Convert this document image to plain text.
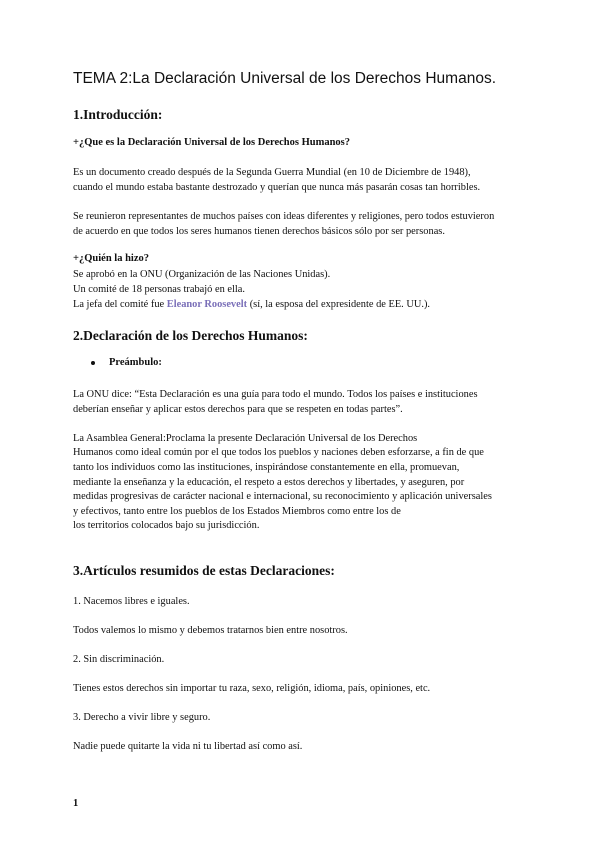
TEMA 2:La Declaración Universal de los Derechos Humanos.
1.Introducción:
+¿Que es la Declaración Universal de los Derechos Humanos?
Es un documento creado después de la Segunda Guerra Mundial (en 10 de Diciembre de 1948),
cuando el mundo estaba bastante destrozado y querían que nunca más pasarán cosas tan horribles.
Se reunieron representantes de muchos países con ideas diferentes y religiones, pero todos estuvieron
de acuerdo en que todos los seres humanos tienen derechos básicos sólo por ser personas.
+¿Quién la hizo?
Se aprobó en la ONU (Organización de las Naciones Unidas).
Un comité de 18 personas trabajó en ella.
La jefa del comité fue Eleanor Roosevelt (sí, la esposa del expresidente de EE. UU.).
2.Declaración de los Derechos Humanos:
Preámbulo:
La ONU dice: “Esta Declaración es una guía para todo el mundo. Todos los países e instituciones
deberían enseñar y aplicar estos derechos para que se respeten en todas partes”.
La Asamblea General:Proclama la presente Declaración Universal de los Derechos
Humanos como ideal común por el que todos los pueblos y naciones deben esforzarse, a fin de que
tanto los individuos como las instituciones, inspirándose constantemente en ella, promuevan,
mediante la enseñanza y la educación, el respeto a estos derechos y libertades, y aseguren, por
medidas progresivas de carácter nacional e internacional, su reconocimiento y aplicación universales
y efectivos, tanto entre los pueblos de los Estados Miembros como entre los de
los territorios colocados bajo su jurisdicción.
3.Artículos resumidos de estas Declaraciones:
1. Nacemos libres e iguales.
Todos valemos lo mismo y debemos tratarnos bien entre nosotros.
2. Sin discriminación.
Tienes estos derechos sin importar tu raza, sexo, religión, idioma, país, opiniones, etc.
3. Derecho a vivir libre y seguro.
Nadie puede quitarte la vida ni tu libertad así como así.
1
